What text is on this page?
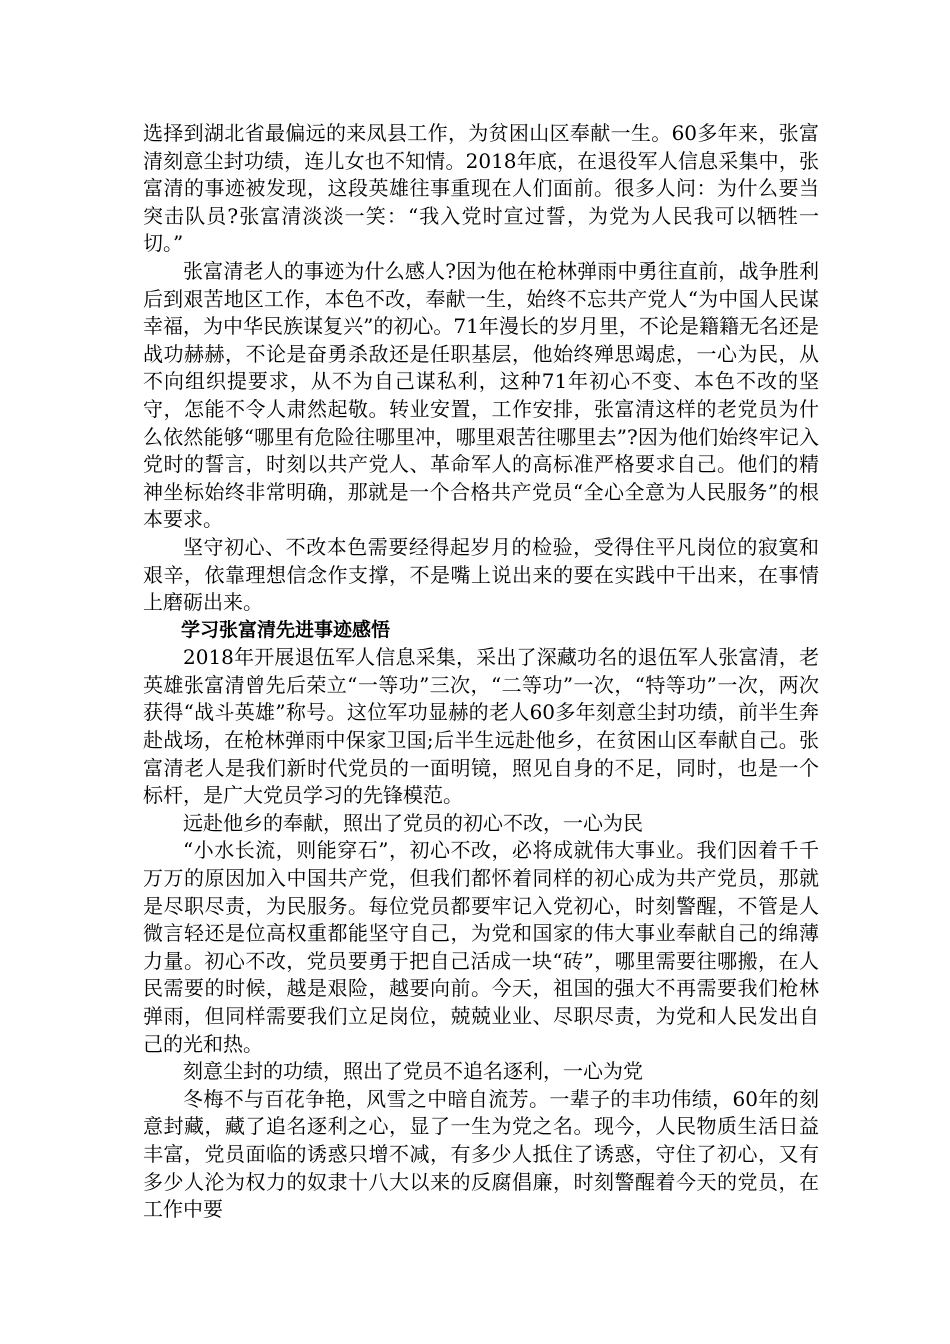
选择到湖北省最偏远的来凤县工作，为贫困山区奉献一生。60多年来，张富清刻意尘封功绩，连儿女也不知情。2018年底，在退役军人信息采集中，张富清的事迹被发现，这段英雄往事重现在人们面前。很多人问：为什么要当突击队员?张富清淡淡一笑：“我入党时宣过誓，为党为人民我可以牺牲一切。”

张富清老人的事迹为什么感人?因为他在枪林弹雨中勇往直前，战争胜利后到艰苦地区工作，本色不改，奉献一生，始终不忘共产党人“为中国人民谋幸福，为中华民族谋复兴”的初心。71年漫长的岁月里，不论是籍籍无名还是战功赫赫，不论是奋勇杀敌还是任职基层，他始终殚思竭虑，一心为民，从不向组织提要求，从不为自己谋私利，这种71年初心不变、本色不改的坚守，怎能不令人肃然起敬。转业安置，工作安排，张富清这样的老党员为什么依然能够“哪里有危险往哪里冲，哪里艰苦往哪里去”?因为他们始终牢记入党时的誓言，时刻以共产党人、革命军人的高标准严格要求自己。他们的精神坐标始终非常明确，那就是一个合格共产党员“全心全意为人民服务”的根本要求。

坚守初心、不改本色需要经得起岁月的检验，受得住平凡岗位的寂寞和艰辛，依靠理想信念作支撑，不是嘴上说出来的要在实践中干出来，在事情上磨砺出来。

学习张富清先进事迹感悟

2018年开展退伍军人信息采集，采出了深藏功名的退伍军人张富清，老英雄张富清曾先后荣立“一等功”三次，“二等功”一次，“特等功”一次，两次获得“战斗英雄”称号。这位军功显赫的老人60多年刻意尘封功绩，前半生奔赴战场，在枪林弹雨中保家卫国;后半生远赴他乡，在贫困山区奉献自己。张富清老人是我们新时代党员的一面明镜，照见自身的不足，同时，也是一个标杆，是广大党员学习的先锋模范。

远赴他乡的奉献，照出了党员的初心不改，一心为民

“小水长流，则能穿石”，初心不改，必将成就伟大事业。我们因着千千万万的原因加入中国共产党，但我们都怀着同样的初心成为共产党员，那就是尽职尽责，为民服务。每位党员都要牢记入党初心，时刻警醒，不管是人微言轻还是位高权重都能坚守自己，为党和国家的伟大事业奉献自己的绵薄力量。初心不改，党员要勇于把自己活成一块“砖”，哪里需要往哪搬，在人民需要的时候，越是艰险，越要向前。今天，祖国的强大不再需要我们枪林弹雨，但同样需要我们立足岗位，兢兢业业、尽职尽责，为党和人民发出自己的光和热。

刻意尘封的功绩，照出了党员不追名逐利，一心为党

冬梅不与百花争艳，风雪之中暗自流芳。一辈子的丰功伟绩，60年的刻意封藏，藏了追名逐利之心，显了一生为党之名。现今，人民物质生活日益丰富，党员面临的诱惑只增不减，有多少人抵住了诱惑，守住了初心，又有多少人沦为权力的奴隶十八大以来的反腐倡廉，时刻警醒着今天的党员，在工作中要
